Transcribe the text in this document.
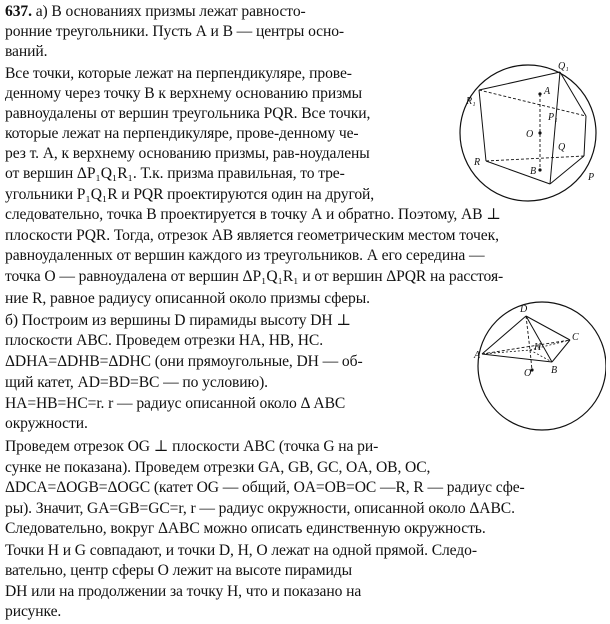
637. а) В основаниях призмы лежат равносто-
ронние треугольники. Пусть А и В — центры осно-
ваний.
Все точки, которые лежат на перпендикуляре, прове-
денному через точку В к верхнему основанию призмы
равноудалены от вершин треугольника PQR. Все точки,
которые лежат на перпендикуляре, прове-денному че-
рез т. А, к верхнему основанию призмы, рав-ноудалены
от вершин ΔP₁Q₁R₁. Т.к. призма правильная, то тре-
угольники P₁Q₁R и PQR проектируются один на другой,
следовательно, точка В проектируется в точку А и обратно. Поэтому, АВ ⊥
плоскости PQR. Тогда, отрезок АВ является геометрическим местом точек,
равноудаленных от вершин каждого из треугольников. А его середина —
точка О — равноудалена от вершин ΔP₁Q₁R₁ и от вершин ΔPQR на расстоя-
ние R, равное радиусу описанной около призмы сферы.
б) Построим из вершины D пирамиды высоту DH ⊥
плоскости АВС. Проведем отрезки НА, НВ, НС.
ΔDHA=ΔDHB=ΔDHC (они прямоугольные, DH — об-
щий катет, AD=BD=BC — по условию).
НА=НВ=НС=r. r — радиус описанной около Δ АВС
окружности.
Проведем отрезок OG ⊥ плоскости АВС (точка G на ри-
сунке не показана). Проведем отрезки GA, GB, GC, OA, OB, OC,
ΔDCA=ΔOGB=ΔOGC (катет OG — общий, OA=OB=OC —R, R — радиус сфе-
ры). Значит, GA=GB=GC=r, r — радиус окружности, описанной около ΔАВС.
Следовательно, вокруг ΔАВС можно описать единственную окружность.
Точки Н и G совпадают, и точки D, Н, О лежат на одной прямой. Следо-
вательно, центр сферы О лежит на высоте пирамиды
DH или на продолжении за точку Н, что и показано на
рисунке.
Q₁
R₁
A
P₁
O
Q
R
B
P
D
A
H
C
B
O
